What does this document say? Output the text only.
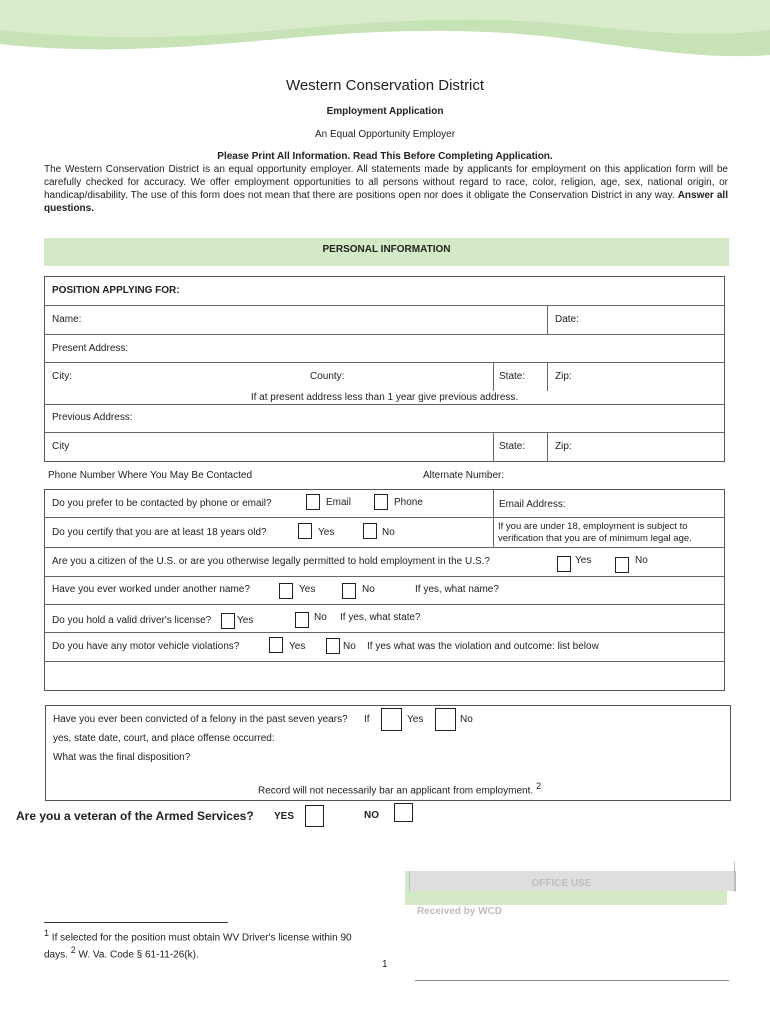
Western Conservation District
Employment Application
An Equal Opportunity Employer
Please Print All Information. Read This Before Completing Application.
The Western Conservation District is an equal opportunity employer. All statements made by applicants for employment on this application form will be carefully checked for accuracy. We offer employment opportunities to all persons without regard to race, color, religion, age, sex, national origin, or handicap/disability. The use of this form does not mean that there are positions open nor does it obligate the Conservation District in any way. Answer all questions.
PERSONAL INFORMATION
POSITION APPLYING FOR:
Name:	Date:
Present Address:
City:	County:	State:	Zip:
If at present address less than 1 year give previous address.
Previous Address:
City	State:	Zip:
Phone Number Where You May Be Contacted	Alternate Number:
Do you prefer to be contacted by phone or email?	Email	Phone	Email Address:
Do you certify that you are at least 18 years old?	Yes	No
If you are under 18, employment is subject to verification that you are of minimum legal age.
Are you a citizen of the U.S. or are you otherwise legally permitted to hold employment in the U.S.?	Yes	No
Have you ever worked under another name?	Yes	No	If yes, what name?
Do you hold a valid driver's license?	Yes	No If yes, what state?
Do you have any motor vehicle violations?	Yes	No If yes what was the violation and outcome: list below
Have you ever been convicted of a felony in the past seven years? If	Yes	No
yes, state date, court, and place offense occurred:
What was the final disposition?
Record will not necessarily bar an applicant from employment. $^2$
Are you a veteran of the Armed Services? YES	NO
OFFICE USE
Received by WCD
$^1$ If selected for the position must obtain WV Driver's license within 90 days. $^2$ W. Va. Code § 61-11-26(k).
1
